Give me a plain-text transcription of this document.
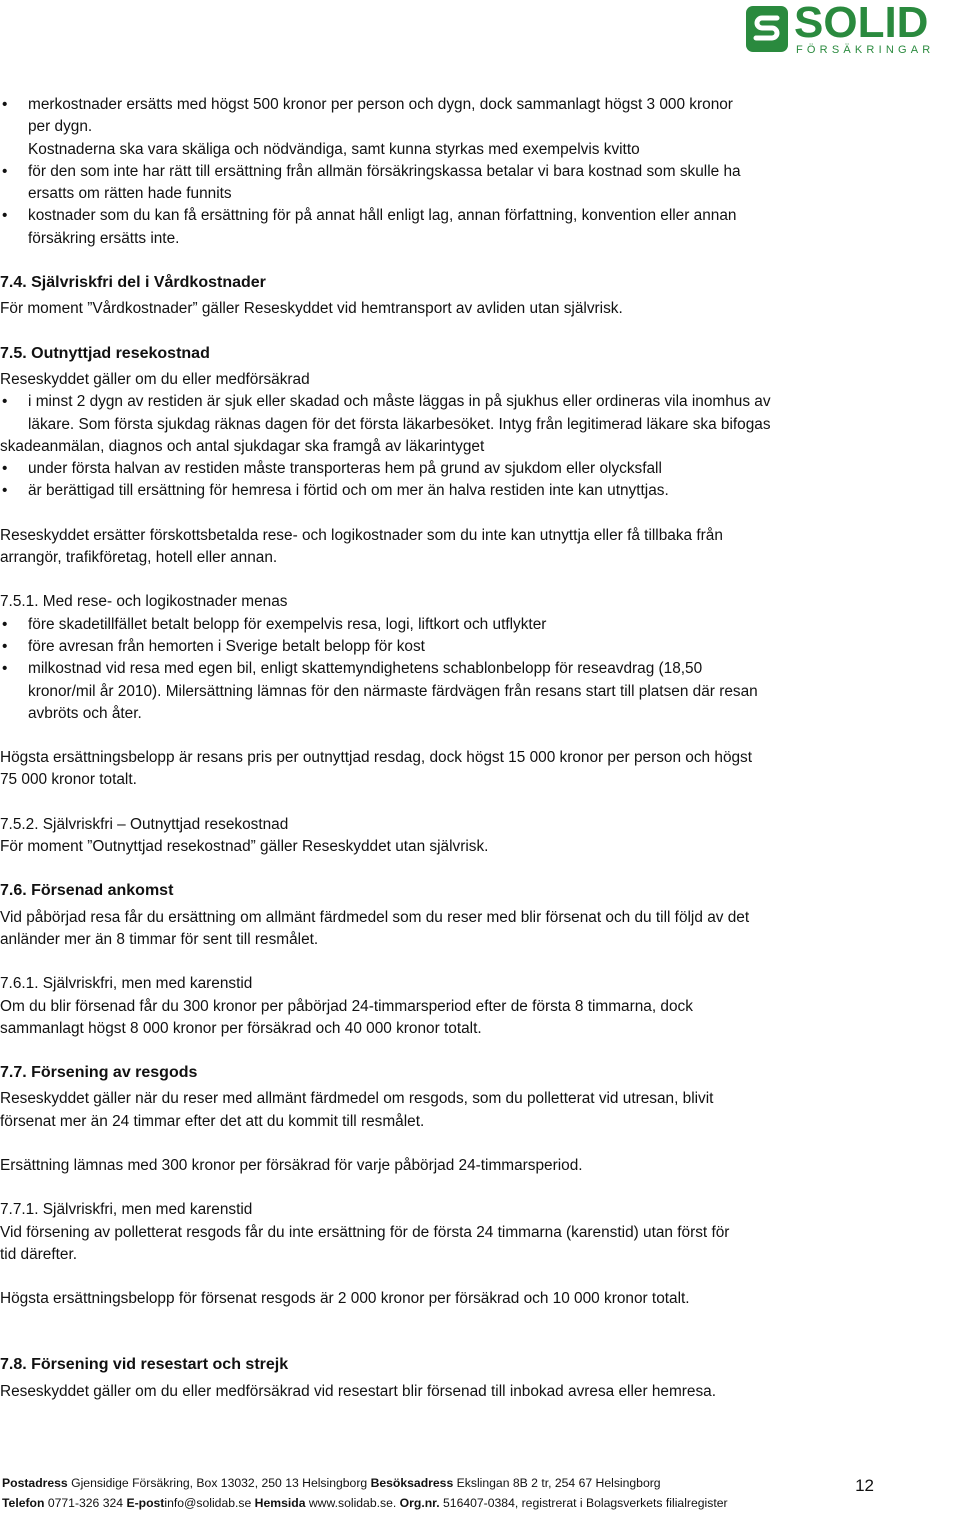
SOLID
FÖRSÄKRINGAR
• merkostnader ersätts med högst 500 kronor per person och dygn, dock sammanlagt högst 3 000 kronor
per dygn.
Kostnaderna ska vara skäliga och nödvändiga, samt kunna styrkas med exempelvis kvitto
• för den som inte har rätt till ersättning från allmän försäkringskassa betalar vi bara kostnad som skulle ha
ersatts om rätten hade funnits
• kostnader som du kan få ersättning för på annat håll enligt lag, annan författning, konvention eller annan
försäkring ersätts inte.
7.4. Självriskfri del i Vårdkostnader
För moment ”Vårdkostnader” gäller Reseskyddet vid hemtransport av avliden utan självrisk.
7.5. Outnyttjad resekostnad
Reseskyddet gäller om du eller medförsäkrad
• i minst 2 dygn av restiden är sjuk eller skadad och måste läggas in på sjukhus eller ordineras vila inomhus av
läkare. Som första sjukdag räknas dagen för det första läkarbesöket. Intyg från legitimerad läkare ska bifogas
skadeanmälan, diagnos och antal sjukdagar ska framgå av läkarintyget
• under första halvan av restiden måste transporteras hem på grund av sjukdom eller olycksfall
• är berättigad till ersättning för hemresa i förtid och om mer än halva restiden inte kan utnyttjas.
Reseskyddet ersätter förskottsbetalda rese- och logikostnader som du inte kan utnyttja eller få tillbaka från
arrangör, trafikföretag, hotell eller annan.
7.5.1. Med rese- och logikostnader menas
• före skadetillfället betalt belopp för exempelvis resa, logi, liftkort och utflykter
• före avresan från hemorten i Sverige betalt belopp för kost
• milkostnad vid resa med egen bil, enligt skattemyndighetens schablonbelopp för reseavdrag (18,50
kronor/mil år 2010). Milersättning lämnas för den närmaste färdvägen från resans start till platsen där resan
avbröts och åter.
Högsta ersättningsbelopp är resans pris per outnyttjad resdag, dock högst 15 000 kronor per person och högst
75 000 kronor totalt.
7.5.2. Självriskfri – Outnyttjad resekostnad
För moment ”Outnyttjad resekostnad” gäller Reseskyddet utan självrisk.
7.6. Försenad ankomst
Vid påbörjad resa får du ersättning om allmänt färdmedel som du reser med blir försenat och du till följd av det
anländer mer än 8 timmar för sent till resmålet.
7.6.1. Självriskfri, men med karenstid
Om du blir försenad får du 300 kronor per påbörjad 24-timmarsperiod efter de första 8 timmarna, dock
sammanlagt högst 8 000 kronor per försäkrad och 40 000 kronor totalt.
7.7. Försening av resgods
Reseskyddet gäller när du reser med allmänt färdmedel om resgods, som du polletterat vid utresan, blivit
försenat mer än 24 timmar efter det att du kommit till resmålet.
Ersättning lämnas med 300 kronor per försäkrad för varje påbörjad 24-timmarsperiod.
7.7.1. Självriskfri, men med karenstid
Vid försening av polletterat resgods får du inte ersättning för de första 24 timmarna (karenstid) utan först för
tid därefter.
Högsta ersättningsbelopp för försenat resgods är 2 000 kronor per försäkrad och 10 000 kronor totalt.
7.8. Försening vid resestart och strejk
Reseskyddet gäller om du eller medförsäkrad vid resestart blir försenad till inbokad avresa eller hemresa.
Postadress Gjensidige Försäkring, Box 13032, 250 13 Helsingborg Besöksadress Ekslingan 8B 2 tr, 254 67 Helsingborg
Telefon 0771-326 324 E-postinfo@solidab.se Hemsida www.solidab.se. Org.nr. 516407-0384, registrerat i Bolagsverkets filialregister
12
